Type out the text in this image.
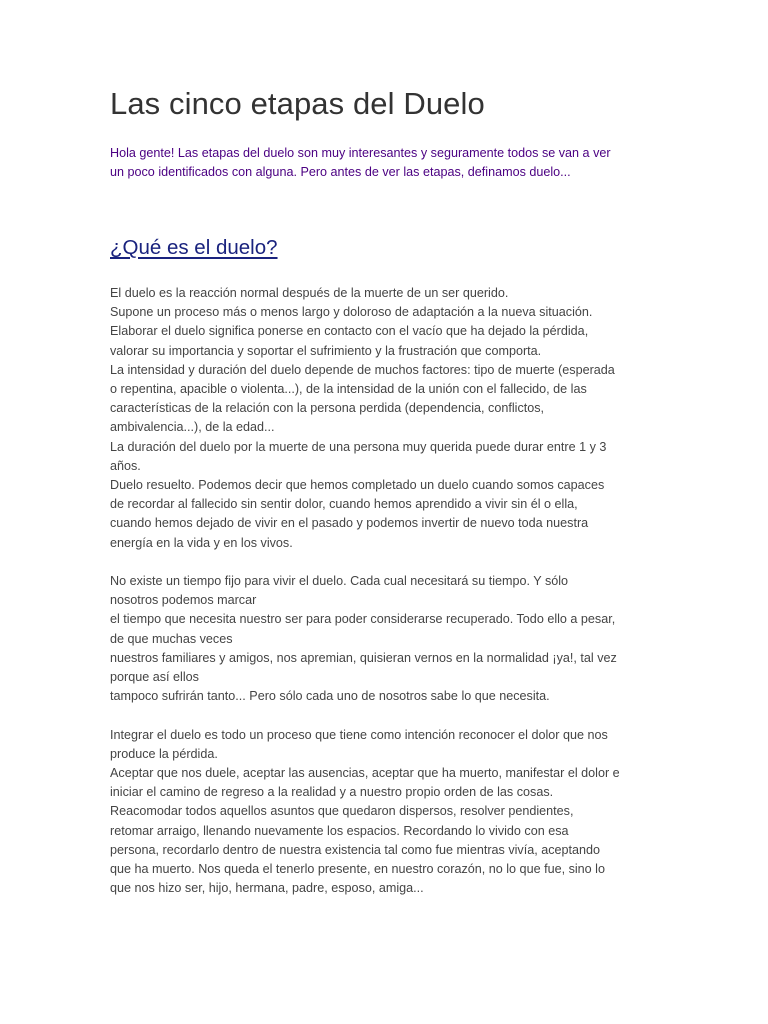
Las cinco etapas del Duelo

Hola gente! Las etapas del duelo son muy interesantes y seguramente todos se van a ver
un poco identificados con alguna. Pero antes de ver las etapas, definamos duelo...

¿Qué es el duelo?
El duelo es la reacción normal después de la muerte de un ser querido.
Supone un proceso más o menos largo y doloroso de adaptación a la nueva situación.
Elaborar el duelo significa ponerse en contacto con el vacío que ha dejado la pérdida,
valorar su importancia y soportar el sufrimiento y la frustración que comporta.
La intensidad y duración del duelo depende de muchos factores: tipo de muerte (esperada
o repentina, apacible o violenta...), de la intensidad de la unión con el fallecido, de las
características de la relación con la persona perdida (dependencia, conflictos,
ambivalencia...), de la edad...
La duración del duelo por la muerte de una persona muy querida puede durar entre 1 y 3
años.
Duelo resuelto. Podemos decir que hemos completado un duelo cuando somos capaces
de recordar al fallecido sin sentir dolor, cuando hemos aprendido a vivir sin él o ella,
cuando hemos dejado de vivir en el pasado y podemos invertir de nuevo toda nuestra
energía en la vida y en los vivos.
No existe un tiempo fijo para vivir el duelo. Cada cual necesitará su tiempo. Y sólo
nosotros podemos marcar
el tiempo que necesita nuestro ser para poder considerarse recuperado. Todo ello a pesar,
de que muchas veces
nuestros familiares y amigos, nos apremian, quisieran vernos en la normalidad ¡ya!, tal vez
porque así ellos
tampoco sufrirán tanto... Pero sólo cada uno de nosotros sabe lo que necesita.
Integrar el duelo es todo un proceso que tiene como intención reconocer el dolor que nos
produce la pérdida.
Aceptar que nos duele, aceptar las ausencias, aceptar que ha muerto, manifestar el dolor e
iniciar el camino de regreso a la realidad y a nuestro propio orden de las cosas.
Reacomodar todos aquellos asuntos que quedaron dispersos, resolver pendientes,
retomar arraigo, llenando nuevamente los espacios. Recordando lo vivido con esa
persona, recordarlo dentro de nuestra existencia tal como fue mientras vivía, aceptando
que ha muerto. Nos queda el tenerlo presente, en nuestro corazón, no lo que fue, sino lo
que nos hizo ser, hijo, hermana, padre, esposo, amiga...
